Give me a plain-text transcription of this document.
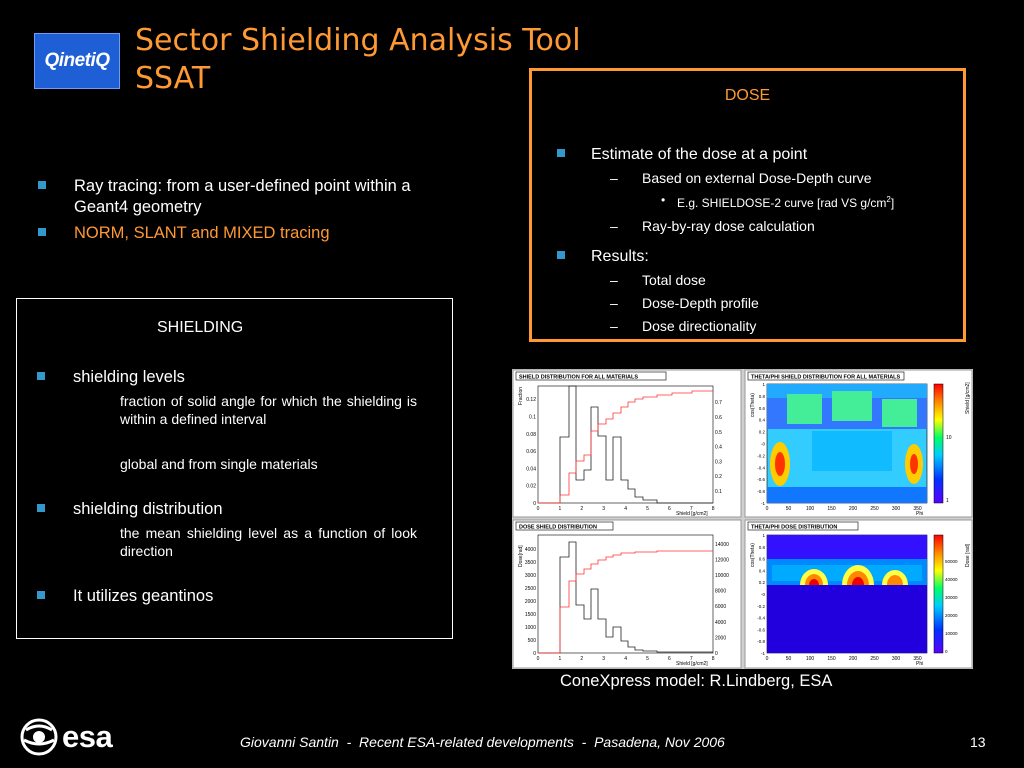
QinetiQ
Sector Shielding Analysis Tool
SSAT
Ray tracing: from a user-defined point within a Geant4 geometry
NORM, SLANT and MIXED tracing
DOSE
Estimate of the dose at a point
–	Based on external Dose-Depth curve
• E.g. SHIELDOSE-2 curve [rad VS $g/cm^2$]
–	Ray-by-ray dose calculation
Results:
–	Total dose
–	Dose-Depth profile
–	Dose directionality
SHIELDING
shielding levels
fraction of solid angle for which the shielding is within a defined interval
global and from single materials
shielding distribution
the mean shielding level as a function of look direction
It utilizes geantinos
SHIELD DISTRIBUTION FOR ALL MATERIALS
Fraction
Shield [g/cm2]
0
0.02
0.04
0.06
0.08
0.1
0.12
0.1
0.2
0.3
0.4
0.5
0.6
0.7
0	1	2	3	4	5	6	7	8
THETA/PHI SHIELD DISTRIBUTION FOR ALL MATERIALS
10
1
Shield [g/cm2]
cos(Theta)
-1
-0.8
-0.6
-0.4
-0.2
-0
0.2
0.4
0.6
0.8
1
0	50	100	150	200	250	300	350
Phi
DOSE SHIELD DISTRIBUTION
Dose[rad]
Shield [g/cm2]
0
500
1000
1500
2000
2500
3000
3500
4000
0
2000
4000
6000
8000
10000
12000
14000
0	1	2	3	4	5	6	7	8
THETA/PHI DOSE DISTRIBUTION
0
10000
20000
30000
40000
50000 Dose [rad]
cos(Theta)
-1
-0.8
-0.6
-0.4
-0.2
-0
0.2
0.4
0.6
0.8
1
0	50	100	150	200	250	300	350
Phi
ConeXpress model: R.Lindberg, ESA
esa	Giovanni Santin  -  Recent ESA-related developments  -  Pasadena, Nov 2006	13
